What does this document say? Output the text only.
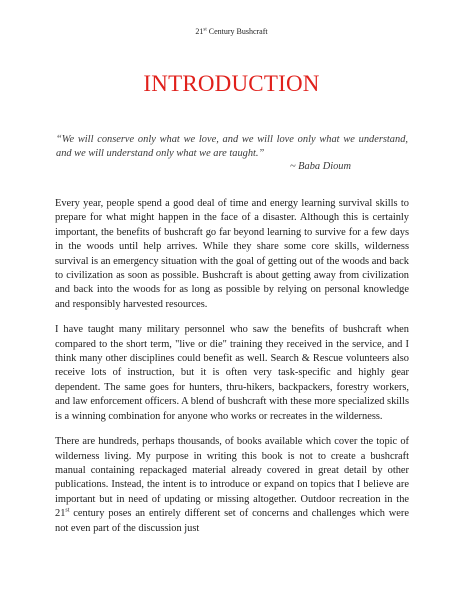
21st Century Bushcraft
INTRODUCTION

“We will conserve only what we love, and we will love only what we understand, and we will understand only what we are taught.”

~ Baba Dioum

Every year, people spend a good deal of time and energy learning survival skills to prepare for what might happen in the face of a disaster. Although this is certainly important, the benefits of bushcraft go far beyond learning to survive for a few days in the woods until help arrives. While they share some core skills, wilderness survival is an emergency situation with the goal of getting out of the woods and back to civilization as soon as possible. Bushcraft is about getting away from civilization and back into the woods for as long as possible by relying on personal knowledge and responsibly harvested resources.

I have taught many military personnel who saw the benefits of bushcraft when compared to the short term, "live or die" training they received in the service, and I think many other disciplines could benefit as well. Search & Rescue volunteers also receive lots of instruction, but it is often very task-specific and highly gear dependent. The same goes for hunters, thru-hikers, backpackers, forestry workers, and law enforcement officers. A blend of bushcraft with these more specialized skills is a winning combination for anyone who works or recreates in the wilderness.

There are hundreds, perhaps thousands, of books available which cover the topic of wilderness living. My purpose in writing this book is not to create a bushcraft manual containing repackaged material already covered in great detail by other publications. Instead, the intent is to introduce or expand on topics that I believe are important but in need of updating or missing altogether. Outdoor recreation in the 21st century poses an entirely different set of concerns and challenges which were not even part of the discussion just
